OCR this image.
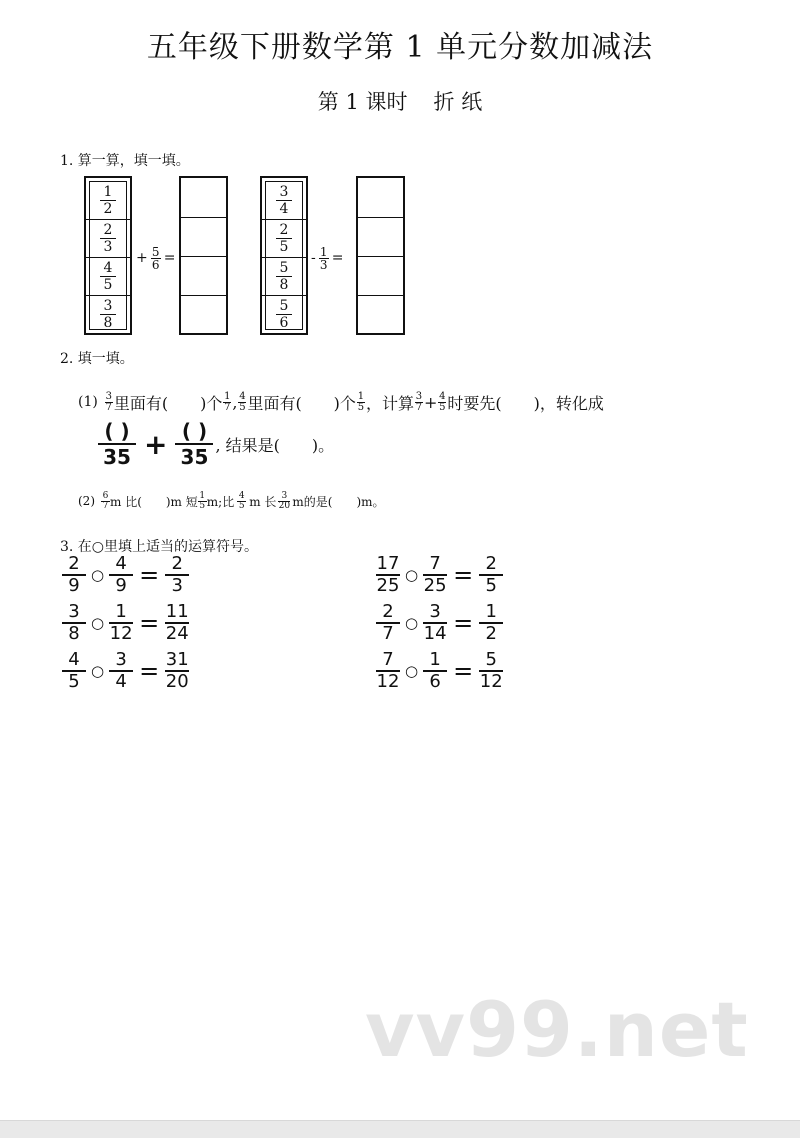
五年级下册数学第 1 单元分数加减法
第 1 课时 折 纸
1. 算一算，填一填。
$\frac{1}{2}$
$\frac{2}{3}$
$\frac{4}{5}$
$\frac{3}{8}$
+ $\frac{5}{6}$ =
$\frac{3}{4}$
$\frac{2}{5}$
$\frac{5}{8}$
$\frac{5}{6}$
- $\frac{1}{3}$ =
2. 填一填。
$(1) \frac{3}{7}$ 里面有(　　)个 $\frac{1}{7}$ , $\frac{4}{5}$ 里面有(　　)个 $\frac{1}{5}$ ，计算 $\frac{3}{7} + \frac{4}{5}$ 时要先(　　)，转化成
$\frac{( )}{35} + \frac{( )}{35}$ , 结果是(　　)。
$(2) \frac{6}{7}$ m 比(　　)m 短 $\frac{1}{5} m$;比 $\frac{4}{5}$ m 长 $\frac{3}{20}$ m的是(　　)m。
3. 在○里填上适当的运算符号。
$\frac{2}{9}$ ○ $\frac{4}{9} = \frac{2}{3}$
$\frac{3}{8}$ ○ $\frac{1}{12} = \frac{11}{24}$
$\frac{4}{5}$ ○ $\frac{3}{4} = \frac{31}{20}$
$\frac{17}{25}$ ○ $\frac{7}{25} = \frac{2}{5}$
$\frac{2}{7}$ ○ $\frac{3}{14} = \frac{1}{2}$
$\frac{7}{12}$ ○ $\frac{1}{6} = \frac{5}{12}$
vv99.net
